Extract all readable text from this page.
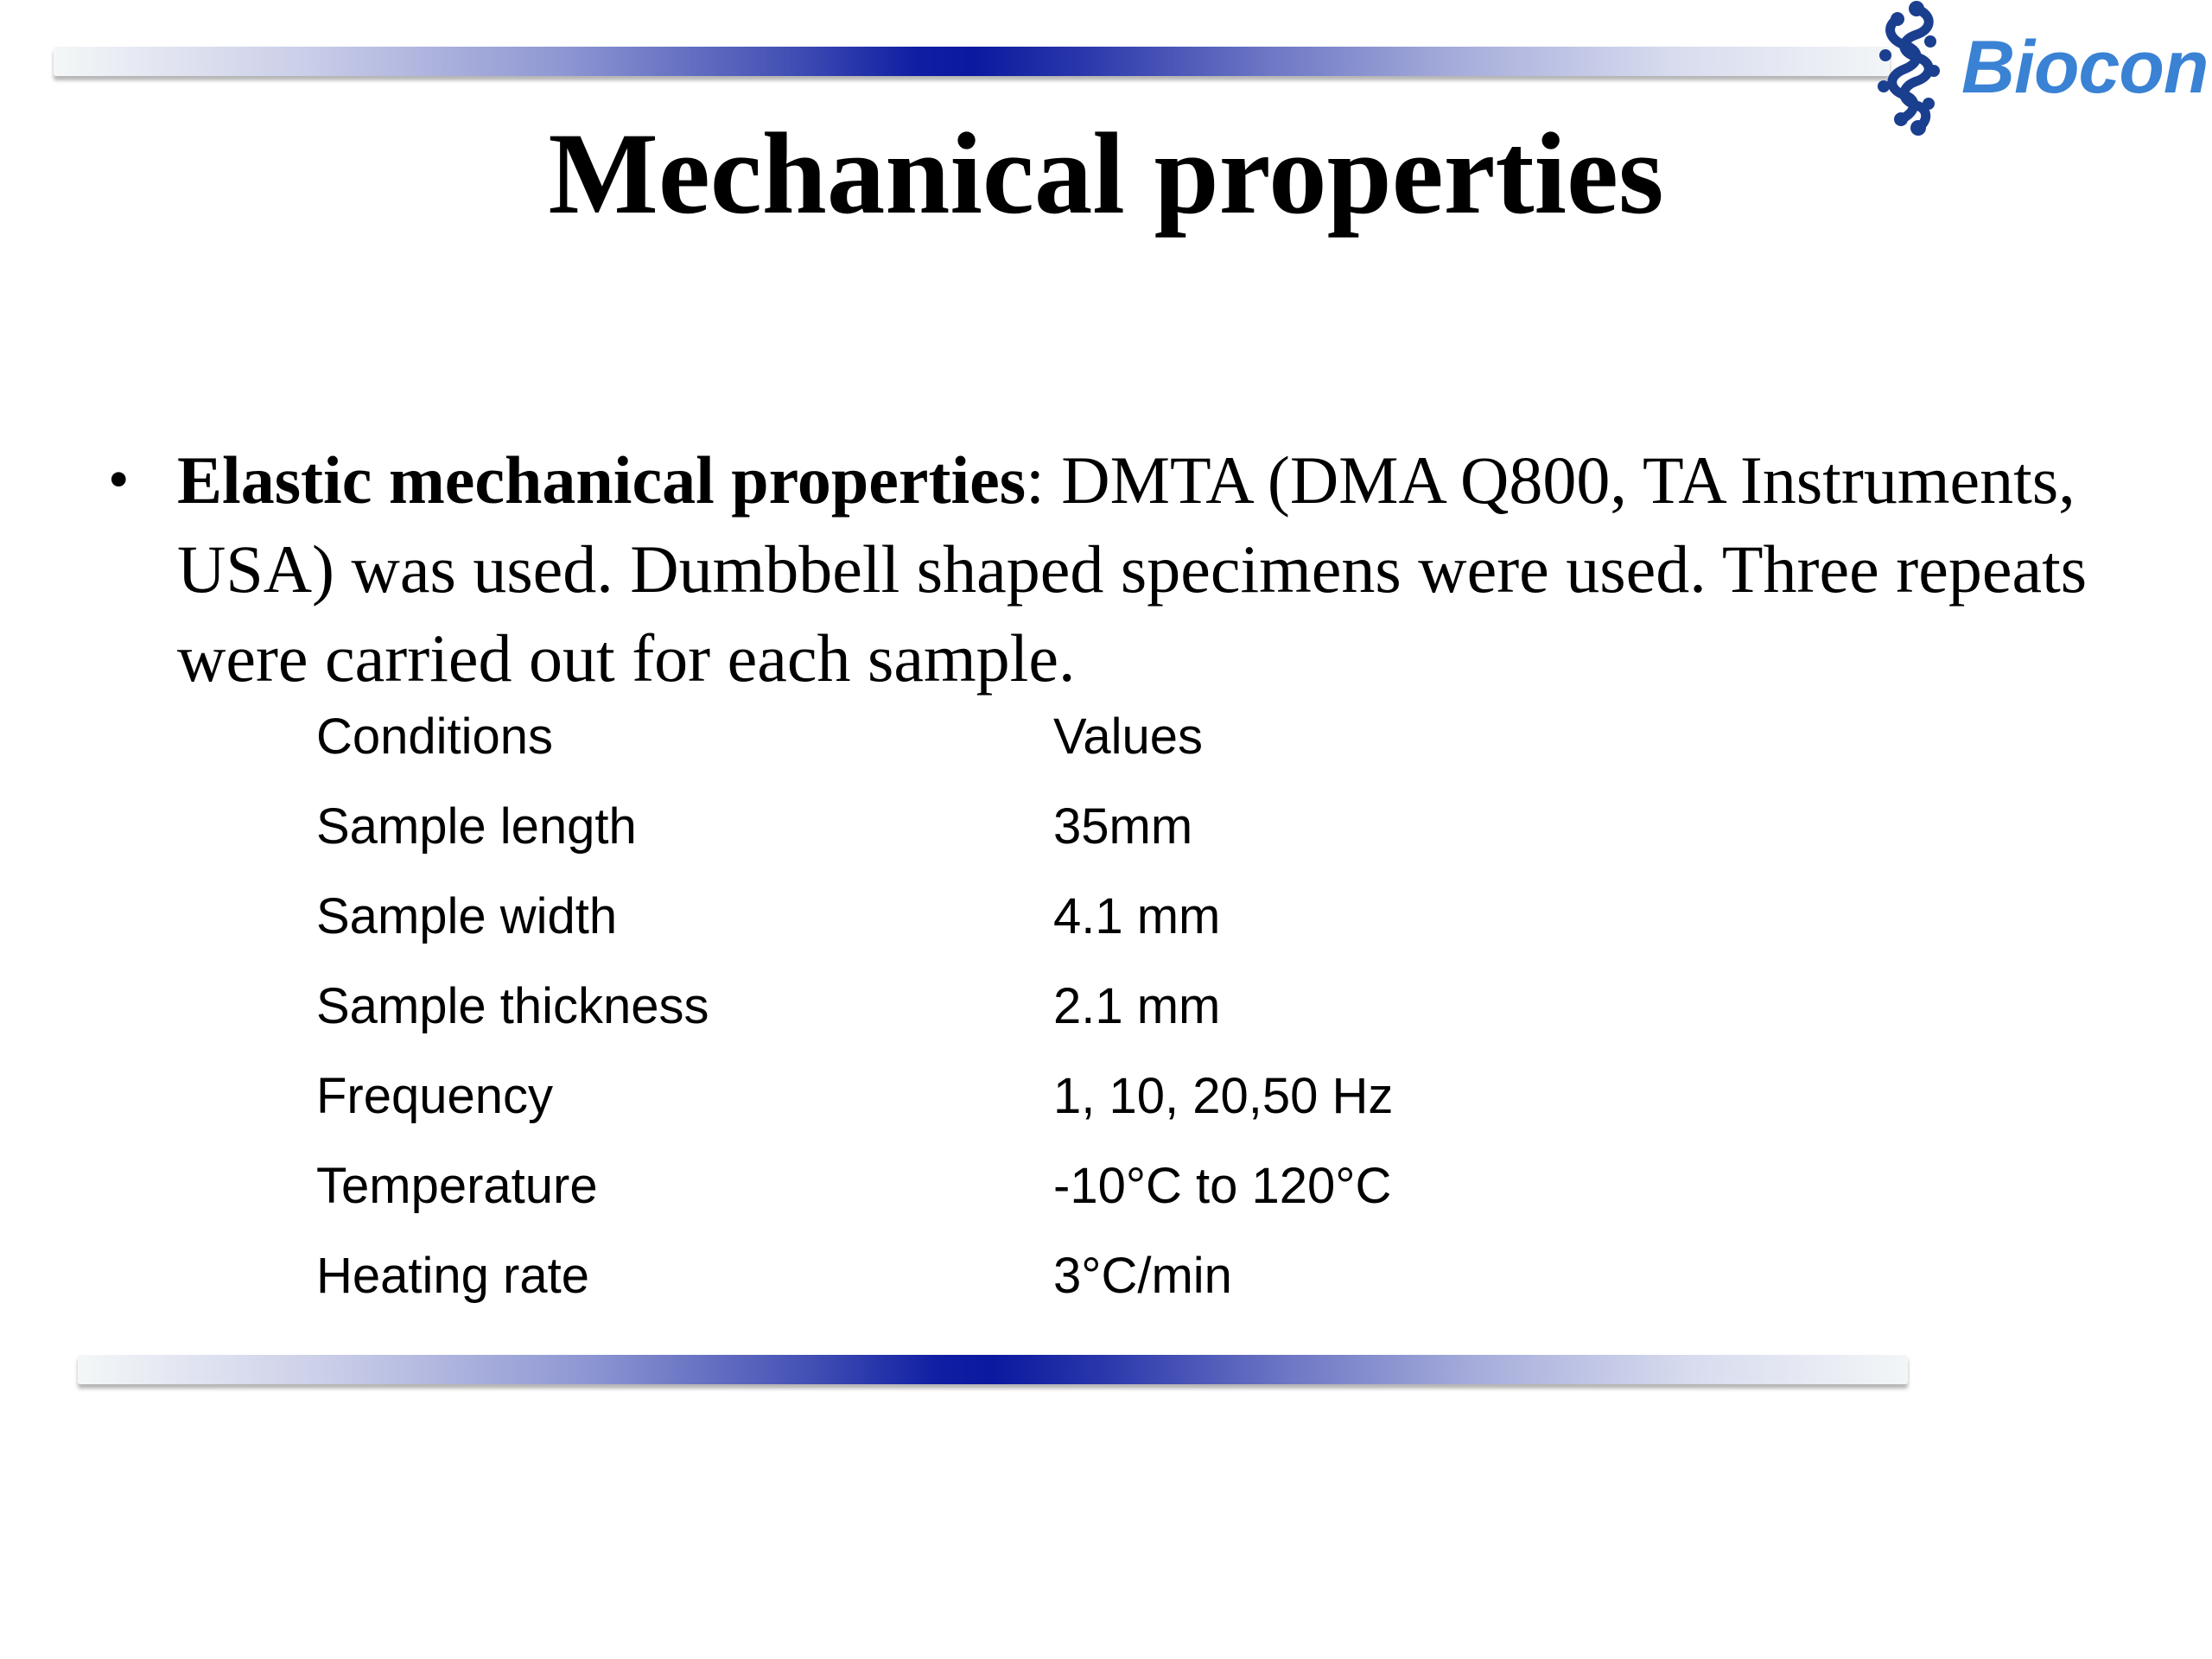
Biocon
Mechanical properties
• Elastic mechanical properties: DMTA (DMA Q800, TA Instruments, USA) was used. Dumbbell shaped specimens were used. Three repeats were carried out for each sample.
Conditions	Values
Sample length	35mm
Sample width	4.1 mm
Sample thickness	2.1 mm
Frequency	1, 10, 20,50 Hz
Temperature	-10°C to 120°C
Heating rate	3°C/min
